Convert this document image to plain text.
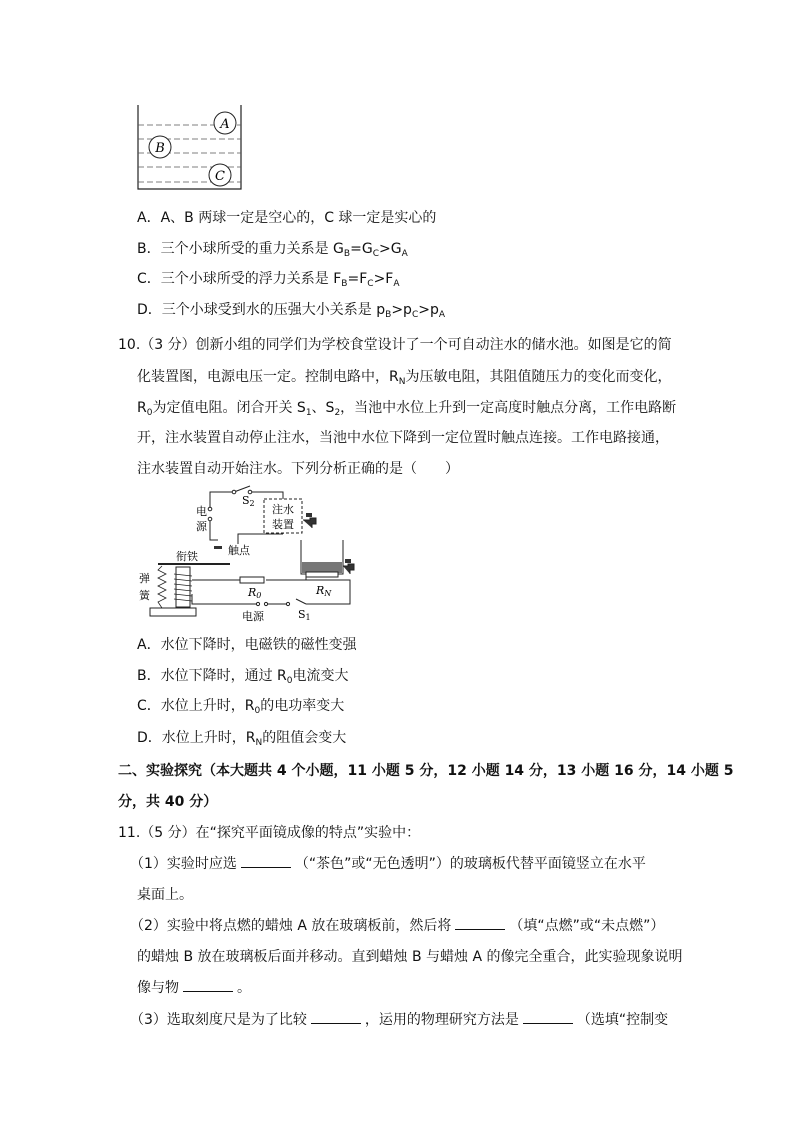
A
B
C
A．A、B 两球一定是空心的，C 球一定是实心的
B．三个小球所受的重力关系是 $G_B=G_C>G_A$
C．三个小球所受的浮力关系是 $F_B=F_C>F_A$
D．三个小球受到水的压强大小关系是 $p_B>p_C>p_A$
10.（3 分）创新小组的同学们为学校食堂设计了一个可自动注水的储水池。如图是它的简
化装置图，电源电压一定。控制电路中，$R_N$为压敏电阻，其阻值随压力的变化而变化，
$R_0$为定值电阻。闭合开关 $S_1$、$S_2$，当池中水位上升到一定高度时触点分离，工作电路断
开，注水装置自动停止注水，当池中水位下降到一定位置时触点连接。工作电路接通，
注水装置自动开始注水。下列分析正确的是（　　）
S2
电
源
注水
装置
衔铁	触点
弹
簧	R0	RN
电源	S1
A．水位下降时，电磁铁的磁性变强
B．水位下降时，通过 $R_0$电流变大
C．水位上升时，$R_0$的电功率变大
D．水位上升时，$R_N$的阻值会变大
二、实验探究（本大题共 4 个小题，11 小题 5 分，12 小题 14 分，13 小题 16 分，14 小题 5
分，共 40 分）
11.（5 分）在“探究平面镜成像的特点”实验中：
（1）实验时应选	（“茶色”或“无色透明”）的玻璃板代替平面镜竖立在水平
桌面上。
（2）实验中将点燃的蜡烛 A 放在玻璃板前，然后将	（填“点燃”或“未点燃”）
的蜡烛 B 放在玻璃板后面并移动。直到蜡烛 B 与蜡烛 A 的像完全重合，此实验现象说明
像与物	。
（3）选取刻度尺是为了比较	，运用的物理研究方法是	（选填“控制变
